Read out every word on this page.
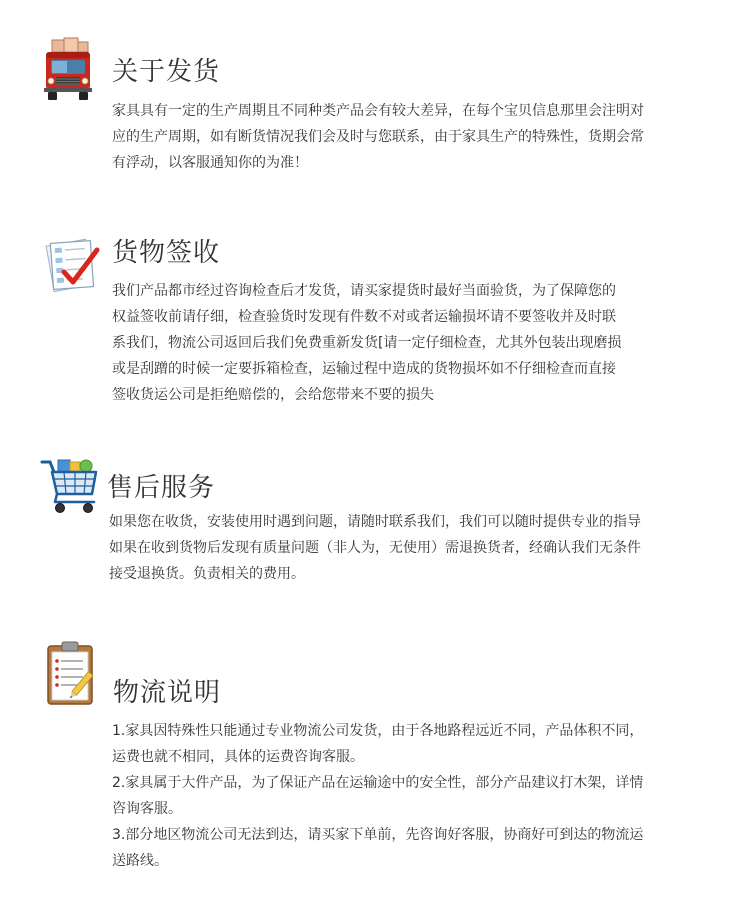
关于发货

家具具有一定的生产周期且不同种类产品会有较大差异，在每个宝贝信息那里会注明对
应的生产周期，如有断货情况我们会及时与您联系，由于家具生产的特殊性，货期会常
有浮动，以客服通知你的为准！

货物签收

我们产品都市经过咨询检查后才发货，请买家提货时最好当面验货，为了保障您的
权益签收前请仔细，检查验货时发现有件数不对或者运输损坏请不要签收并及时联
系我们，物流公司返回后我们免费重新发货[请一定仔细检查，尤其外包装出现磨损
或是刮蹭的时候一定要拆箱检查，运输过程中造成的货物损坏如不仔细检查而直接
签收货运公司是拒绝赔偿的，会给您带来不要的损失

售后服务

如果您在收货，安装使用时遇到问题，请随时联系我们，我们可以随时提供专业的指导
如果在收到货物后发现有质量问题（非人为，无使用）需退换货者，经确认我们无条件
接受退换货。负责相关的费用。

物流说明

1.家具因特殊性只能通过专业物流公司发货，由于各地路程远近不同，产品体积不同，
运费也就不相同，具体的运费咨询客服。
2.家具属于大件产品，为了保证产品在运输途中的安全性，部分产品建议打木架，详情
咨询客服。
3.部分地区物流公司无法到达，请买家下单前，先咨询好客服，协商好可到达的物流运
送路线。
